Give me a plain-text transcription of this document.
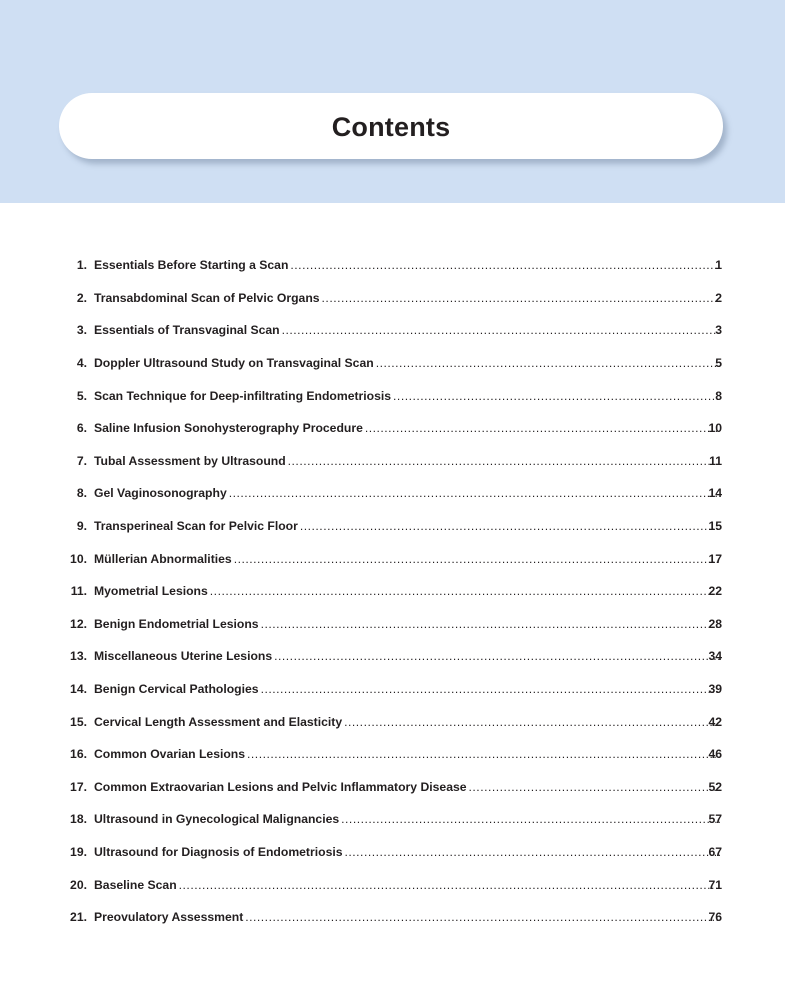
Contents
1. Essentials Before Starting a Scan .....	1
2. Transabdominal Scan of Pelvic Organs .....	2
3. Essentials of Transvaginal Scan .....	3
4. Doppler Ultrasound Study on Transvaginal Scan .....	5
5. Scan Technique for Deep-infiltrating Endometriosis .....	8
6. Saline Infusion Sonohysterography Procedure .....	10
7. Tubal Assessment by Ultrasound .....	11
8. Gel Vaginosonography .....	14
9. Transperineal Scan for Pelvic Floor .....	15
10. Müllerian Abnormalities .....	17
11. Myometrial Lesions .....	22
12. Benign Endometrial Lesions .....	28
13. Miscellaneous Uterine Lesions .....	34
14. Benign Cervical Pathologies .....	39
15. Cervical Length Assessment and Elasticity .....	42
16. Common Ovarian Lesions .....	46
17. Common Extraovarian Lesions and Pelvic Inflammatory Disease .....	52
18. Ultrasound in Gynecological Malignancies .....	57
19. Ultrasound for Diagnosis of Endometriosis .....	67
20. Baseline Scan .....	71
21. Preovulatory Assessment .....	76
